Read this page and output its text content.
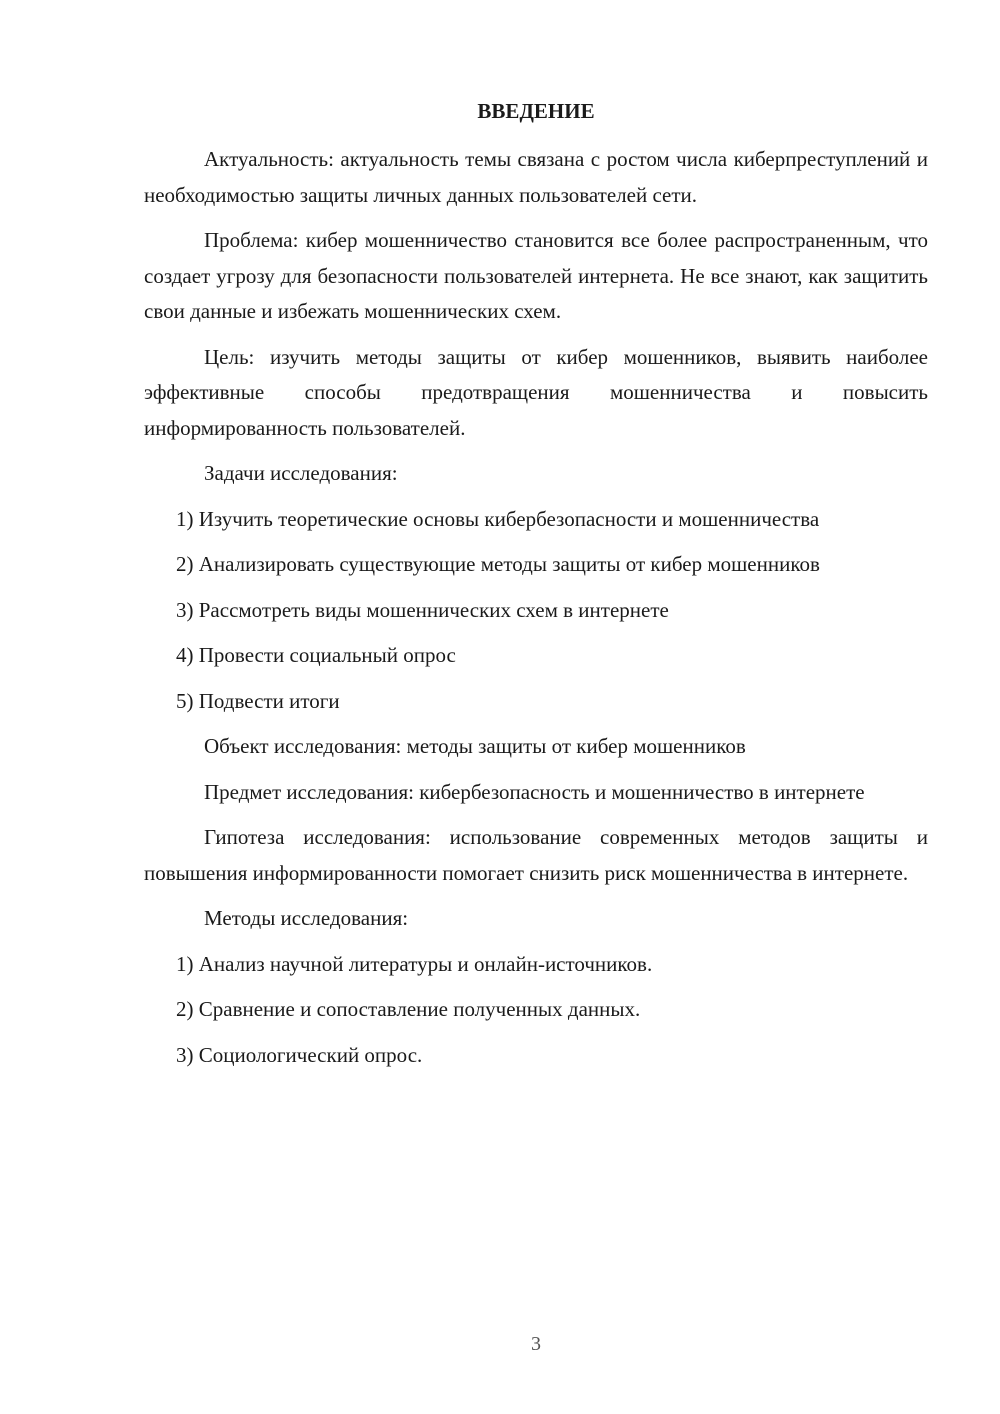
ВВЕДЕНИЕ

Актуальность: актуальность темы связана с ростом числа киберпреступлений и необходимостью защиты личных данных пользователей сети.

Проблема: кибер мошенничество становится все более распространенным, что создает угрозу для безопасности пользователей интернета. Не все знают, как защитить свои данные и избежать мошеннических схем.

Цель: изучить методы защиты от кибер мошенников, выявить наиболее эффективные способы предотвращения мошенничества и повысить информированность пользователей.

Задачи исследования:

1) Изучить теоретические основы кибербезопасности и мошенничества

2) Анализировать существующие методы защиты от кибер мошенников

3) Рассмотреть виды мошеннических схем в интернете

4) Провести социальный опрос

5) Подвести итоги

Объект исследования: методы защиты от кибер мошенников

Предмет исследования: кибербезопасность и мошенничество в интернете

Гипотеза исследования: использование современных методов защиты и повышения информированности помогает снизить риск мошенничества в интернете.

Методы исследования:

1) Анализ научной литературы и онлайн-источников.

2) Сравнение и сопоставление полученных данных.

3) Социологический опрос.

3
